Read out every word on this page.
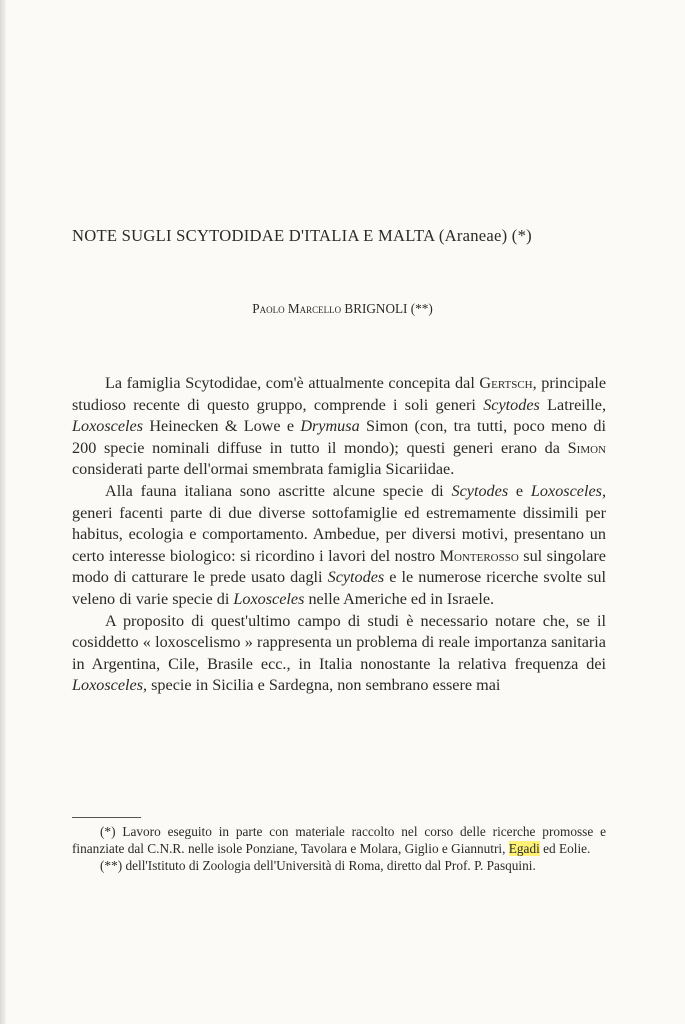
NOTE SUGLI SCYTODIDAE D'ITALIA E MALTA (Araneae) (*)
Paolo Marcello BRIGNOLI (**)

La famiglia Scytodidae, com'è attualmente concepita dal Gertsch, principale studioso recente di questo gruppo, comprende i soli generi Scytodes Latreille, Loxosceles Heinecken & Lowe e Drymusa Simon (con, tra tutti, poco meno di 200 specie nominali diffuse in tutto il mondo); questi generi erano da Simon considerati parte dell'ormai smembrata famiglia Sicariidae.

Alla fauna italiana sono ascritte alcune specie di Scytodes e Loxosceles, generi facenti parte di due diverse sottofamiglie ed estremamente dissimili per habitus, ecologia e comportamento. Ambedue, per diversi motivi, presentano un certo interesse biologico: si ricordino i lavori del nostro Monterosso sul singolare modo di catturare le prede usato dagli Scytodes e le numerose ricerche svolte sul veleno di varie specie di Loxosceles nelle Americhe ed in Israele.

A proposito di quest'ultimo campo di studi è necessario notare che, se il cosiddetto « loxoscelismo » rappresenta un problema di reale importanza sanitaria in Argentina, Cile, Brasile ecc., in Italia nonostante la relativa frequenza dei Loxosceles, specie in Sicilia e Sardegna, non sembrano essere mai

(*) Lavoro eseguito in parte con materiale raccolto nel corso delle ricerche promosse e finanziate dal C.N.R. nelle isole Ponziane, Tavolara e Molara, Giglio e Giannutri, Egadi ed Eolie.

(**) dell'Istituto di Zoologia dell'Università di Roma, diretto dal Prof. P. Pasquini.
